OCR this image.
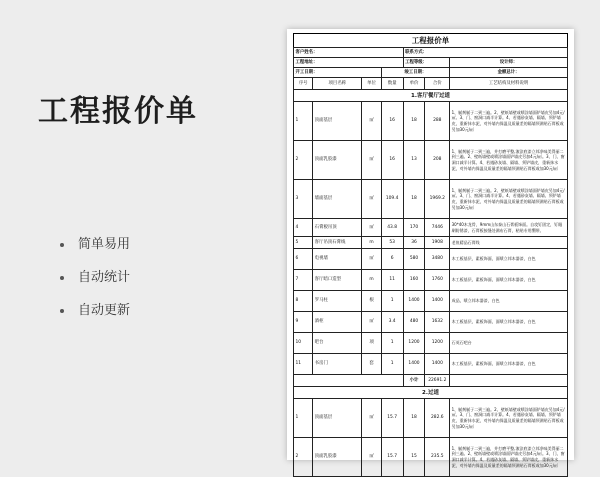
工程报价单
简单易用
自动统计
自动更新
工程报价单
客户姓名：				联系方式：		
工程地址：				工程等级：		设计师：
开工日期：			竣工日期：			金额总计：
序号	项目名称	单位	数量	单价	合价	工艺结构及材料说明
1.客厅餐厅过道						
1	顶面基层	㎡	16	18	288	1、腻剂腻子二到三遍。2、壁纸墙壁或喷涂墙面铲墙皮另加4元/㎡。3、门、窗洞口减半计算。4、若遇砂灰墙、隔墙、须铲墙皮，重新抹水泥，对外墙内保温及质量差的隔墙须满贴石膏板或另加30元/㎡
2	顶面乳胶漆	㎡	16	13	208	1、腻剂腻子二到三遍，并打磨平整,滚涂底漆立邦净味美得丽二到三遍。2、壁纸墙壁或喷涂墙面铲墙皮另加4元/㎡。3、门、窗洞口减半计算。4、若遇砂灰墙、隔墙、须铲墙皮，重新抹水泥，对外墙内保温及质量差的隔墙须满贴石膏板或加30元/㎡
3	墙面基层	㎡	109.4	18	1969.2	1、腻剂腻子二到三遍。2、壁纸墙壁或喷涂墙面铲墙皮另加4元/㎡。3、门、窗洞口减半计算。4、若遇砂灰墙、隔墙、须铲墙皮，重新抹水泥，对外墙内保温及质量差的隔墙须满贴石膏板或另加30元/㎡
4	石膏板吊顶	㎡	43.8	170	7446	30*40木龙骨，9mm山东泰山石膏板饰面。自攻钉固定，钉眼刷防锈漆，石膏板接缝处满布石膏，粘贴专用绷带。
5	客厅吊顶石膏线	m	53	36	1908	老鱼精品石膏线
6	电视墙	㎡	6	580	3480	木工板基层，素板饰面，面喷立邦木器漆，白色
7	客厅暗口造型	m	11	160	1760	木工板基层，素板饰面，面喷立邦木器漆，白色
8	罗马柱	根	1	1400	1400	成品，喷立邦木器漆，白色
9	酒柜	㎡	3.4	480	1632	木工板基层，素板饰面，面喷立邦木器漆，白色
10	吧台	项	1	1200	1200	石英石吧台
11	书房门	套	1	1400	1400	木工板基层，素板饰面，面喷立邦木器漆，白色
				小计	22691.2	
2.过道						
1	顶面基层	㎡	15.7	18	282.6	1、腻剂腻子二到三遍。2、壁纸墙壁或喷涂墙面铲墙皮另加4元/㎡。3、门、窗洞口减半计算。4、若遇砂灰墙、隔墙、须铲墙皮，重新抹水泥，对外墙内保温及质量差的隔墙须满贴石膏板或另加30元/㎡
2	顶面乳胶漆	㎡	15.7	15	235.5	1、腻剂腻子二到三遍，并打磨平整,滚涂底漆立邦净味美得丽二到三遍。2、壁纸墙壁或喷涂墙面铲墙皮另加4元/㎡。3、门、窗洞口减半计算。4、若遇砂灰墙、隔墙、须铲墙皮，重新抹水泥，对外墙内保温及质量差的隔墙须满贴石膏板或加30元/㎡
